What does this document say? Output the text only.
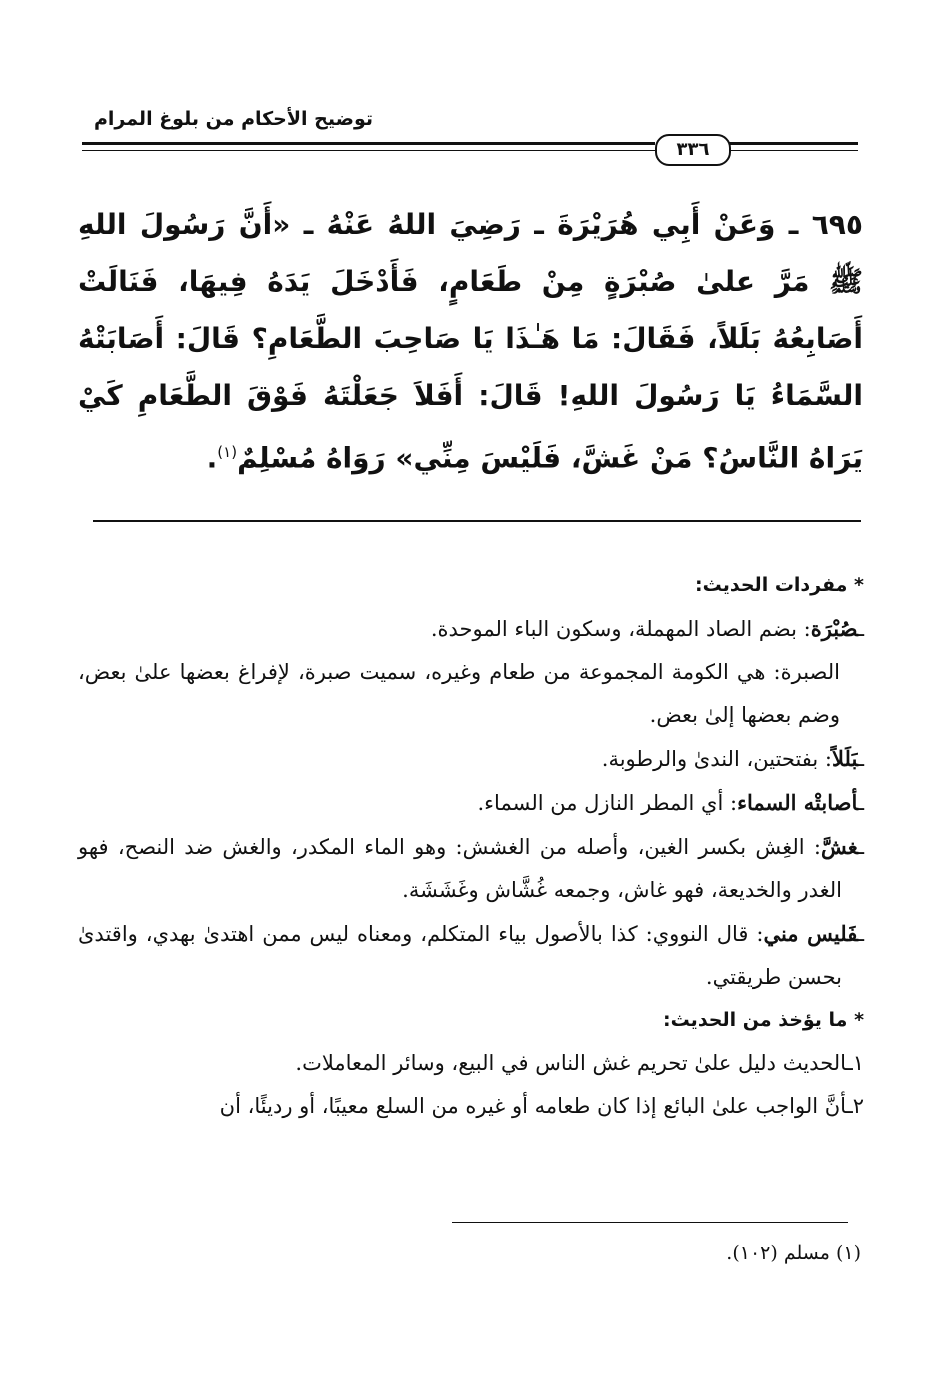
توضيح الأحكام من بلوغ المرام
٣٣٦
٦٩٥ ـ وَعَنْ أَبِي هُرَيْرَةَ ـ رَضِيَ اللهُ عَنْهُ ـ «أَنَّ رَسُولَ اللهِ ﷺ مَرَّ علىٰ صُبْرَةٍ مِنْ طَعَامٍ، فَأَدْخَلَ يَدَهُ فِيهَا، فَنَالَتْ أَصَابِعُهُ بَلَلاً، فَقَالَ: مَا هَـٰذَا يَا صَاحِبَ الطَّعَامِ؟ قَالَ: أَصَابَتْهُ السَّمَاءُ يَا رَسُولَ اللهِ! قَالَ: أَفَلاَ جَعَلْتَهُ فَوْقَ الطَّعَامِ كَيْ يَرَاهُ النَّاسُ؟ مَنْ غَشَّ، فَلَيْسَ مِنِّي» رَوَاهُ مُسْلِمٌ$^{(١)}$.

* مفردات الحديث:

ـصُبْرَة: بضم الصاد المهملة، وسكون الباء الموحدة.

الصبرة: هي الكومة المجموعة من طعام وغيره، سميت صبرة، لإفراغ بعضها علىٰ بعض، وضم بعضها إلىٰ بعض.

ـبَلَلاً: بفتحتين، الندىٰ والرطوبة.

ـأصابتْه السماء: أي المطر النازل من السماء.

ـغشَّ: الغِش بكسر الغين، وأصله من الغشش: وهو الماء المكدر، والغش ضد النصح، فهو الغدر والخديعة، فهو غاش، وجمعه غُشَّاش وغَشَشَة.

ـفَليس مني: قال النووي: كذا بالأصول بياء المتكلم، ومعناه ليس ممن اهتدىٰ بهدي، واقتدىٰ بحسن طريقتي.

* ما يؤخذ من الحديث:

١ـالحديث دليل علىٰ تحريم غش الناس في البيع، وسائر المعاملات.

٢ـأنَّ الواجب علىٰ البائع إذا كان طعامه أو غيره من السلع معيبًا، أو رديئًا، أن

(١) مسلم (١٠٢).
